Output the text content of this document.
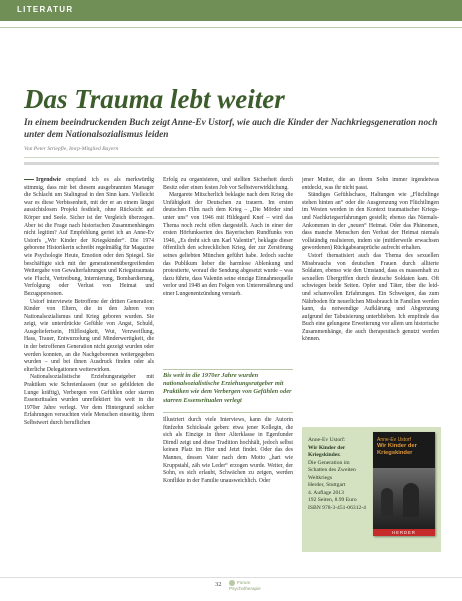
LITERATUR
Das Trauma lebt weiter
In einem beeindruckenden Buch zeigt Anne-Ev Ustorf, wie auch die Kinder der Nachkriegsgeneration noch unter dem Nationalsozialismus leiden
Von Peter Striepfle, Imrp-Mitglied Bayern

Irgendwie empfand ich es als merkwürdig stimmig, dass mir bei diesem ausgebrannten Manager die Schlacht um Stalingrad in den Sinn kam. Vielleicht war es diese Verbissenheit, mit der er an einem längst aussichtslosen Projekt festhielt, ohne Rücksicht auf Körper und Seele. Sicher ist der Vergleich überzogen. Aber ist die Frage nach historischen Zusammenhängen nicht legitim? Auf Empfehlung geriet ich an Anne-Ev Ustorfs „Wir Kinder der Kriegskinder“. Die 1974 geborene Historikerin schreibt regelmäßig für Magazine wie Psychologie Heute, Emotion oder den Spiegel. Sie beschäftigte sich mit der generationenübergreifenden Weitergabe von Gewalterfahrungen und Kriegstraumata wie Flucht, Vertreibung, Internierung, Bombardierung, Verfolgung oder Verlust von Heimat und Bezugspersonen.

Ustorf interviewte Betroffene der dritten Generation: Kinder von Eltern, die in den Jahren von Nationalsozialismus und Krieg geboren wurden. Sie zeigt, wie unterdrückte Gefühle von Angst, Schuld, Ausgeliefertsein, Hilflosigkeit, Wut, Verzweiflung, Hass, Trauer, Entwurzelung und Minderwertigkeit, die in der betroffenen Generation nicht gezeigt wurden oder werden konnten, an die Nachgeborenen weitergegeben wurden – und bei ihnen Ausdruck finden oder als elterliche Delegationen weiterwirken.

Nationalsozialistische Erziehungsratgeber mit Praktiken wie Schreienlassen (nur so gebildeten die Lunge kräftig), Verbergen von Gefühlen oder starren Essensritualen wurden unreflektiert bis weit in die 1970er Jahre verlegt. Vor dem Hintergrund solcher Erfahrungen versuchten viele Menschen einseitig, ihren Selbstwert durch beruflichen

Erfolg zu organisieren, und stellten Sicherheit durch Besitz oder einen festen Job vor Selbstverwirklichung.

Margarete Mitscherlich beklagte nach dem Krieg die Unfähigkeit der Deutschen zu trauern. Im ersten deutschen Film nach dem Krieg – „Die Mörder sind unter uns“ von 1946 mit Hildegard Knef – wird das Thema noch recht offen dargestellt. Auch in einer der ersten Hörfunkserien des Bayerischen Rundfunks von 1946, „Es dreht sich um Karl Valentin“, beklagte dieser öffentlich den schrecklichen Krieg, der zur Zerstörung seines geliebten München geführt habe. Jedoch suchte das Publikum lieber die harmlose Ablenkung und protestierte, worauf die Sendung abgesetzt wurde – was dazu führte, dass Valentin seine einzige Einnahmequelle verlor und 1948 an den Folgen von Unterernährung und einer Lungenentzündung verstarb.

Bis weit in die 1970er Jahre wurden nationalsozialistische Erziehungsratgeber mit Praktiken wie dem Verbergen von Gefühlen oder starren Essensritualen verlegt

Illustriert durch viele Interviews, kann die Autorin fünfzehn Schicksale geben: etwa jener Kollegin, die sich als Einzige in ihrer Alterklasse in Egenfunder Dirndl zeigt und diese Tradition hochhält, jedoch selbst keinen Platz im Hier und Jetzt findet. Oder das des Mannes, dessen Vater nach dem Motto „hart wie Kruppstahl, zäh wie Leder“ erzogen wurde. Weiter, der Sohn, es sich erlaubt, Schwächen zu zeigen, werden Konflikte in der Familie unausweichlich. Oder

jener Mutter, die an ihrem Sohn immer irgendetwas entdeckt, was ihr nicht passt.

Ständiges Gefühlschaos, Haltungen wie „Flüchtlinge stehen hinten an“ oder die Ausgrenzung von Flüchtlingen im Westen werden in den Kontext traumatischer Kriegs- und Nachkriegserfahrungen gestellt; ebenso das Niemals-Ankommen in der „neuen“ Heimat. Oder das Phänomen, dass manche Menschen den Verlust der Heimat niemals vollständig realisieren, indem sie (mittlerweile erwachsen gewordenen) Rückgabeansprüche aufrecht erhalten.

Ustorf thematisiert auch das Thema des sexuellen Missbrauchs von deutschen Frauen durch alliierte Soldaten, ebenso wie den Umstand, dass es massenhaft zu sexuellen Übergriffen durch deutsche Soldaten kam. Oft schwiegen beide Seiten. Opfer und Täter, über die leid- und schamvollen Erfahrungen. Ein Schweigen, das zum Nährboden für neuerlichen Missbrauch in Familien werden kann, da notwendige Aufklärung und Abgrenzung aufgrund der Tabuisierung unterblieben. Ich empfinde das Buch eine gelungene Erweiterung vor allem um historische Zusammenhänge, die auch therapeutisch genutzt werden können.

Anne-Ev Ustorf:
Wir Kinder der Kriegskinder.
Die Generation im Schatten des Zweiten Weltkriegs
Herder, Stuttgart
4. Auflage 2013
192 Seiten, 8.99 Euro
ISBN 978-3-451-06312-4
Anne-Ev Ustorf
Wir Kinder der Kriegskinder
HERDER
32	Forum
Psychotherapie
